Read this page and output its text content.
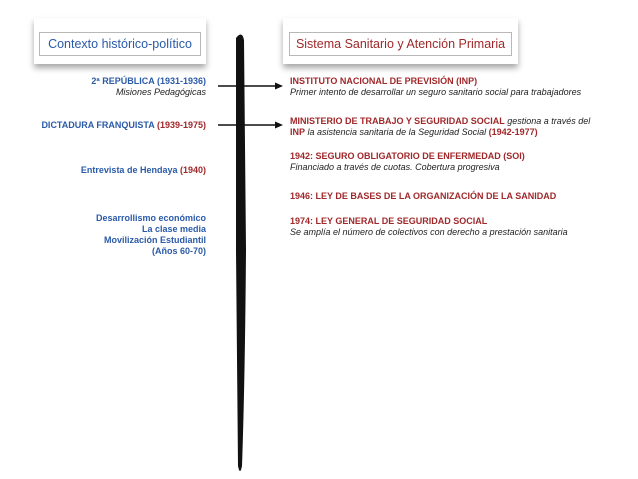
Contexto histórico-político	Sistema Sanitario y Atención Primaria
2ª REPÚBLICA (1931-1936)
Misiones Pedagógicas
DICTADURA FRANQUISTA (1939-1975)
Entrevista de Hendaya (1940)
Desarrollismo económico
La clase media
Movilización Estudiantil
(Años 60-70)
INSTITUTO NACIONAL DE PREVISIÓN (INP)
Primer intento de desarrollar un seguro sanitario social para trabajadores
MINISTERIO DE TRABAJO Y SEGURIDAD SOCIAL gestiona a través del
INP la asistencia sanitaria de la Seguridad Social (1942-1977)
1942: SEGURO OBLIGATORIO DE ENFERMEDAD (SOI)
Financiado a través de cuotas. Cobertura progresiva
1946: LEY DE BASES DE LA ORGANIZACIÓN DE LA SANIDAD
1974: LEY GENERAL DE SEGURIDAD SOCIAL
Se amplía el número de colectivos con derecho a prestación sanitaria
